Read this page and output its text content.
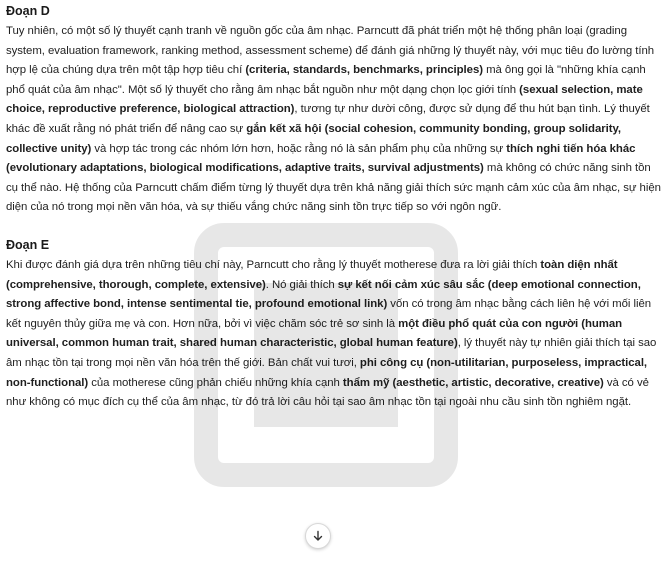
Đoạn D

Tuy nhiên, có một số lý thuyết cạnh tranh về nguồn gốc của âm nhạc. Parncutt đã phát triển một hệ thống phân loại (grading system, evaluation framework, ranking method, assessment scheme) để đánh giá những lý thuyết này, với mục tiêu đo lường tính hợp lệ của chúng dựa trên một tập hợp tiêu chí (criteria, standards, benchmarks, principles) mà ông gọi là "những khía cạnh phổ quát của âm nhạc". Một số lý thuyết cho rằng âm nhạc bắt nguồn như một dạng chọn lọc giới tính (sexual selection, mate choice, reproductive preference, biological attraction), tương tự như dười công, được sử dụng để thu hút bạn tình. Lý thuyết khác đề xuất rằng nó phát triển để nâng cao sự gắn kết xã hội (social cohesion, community bonding, group solidarity, collective unity) và hợp tác trong các nhóm lớn hơn, hoặc rằng nó là sản phẩm phụ của những sự thích nghi tiến hóa khác (evolutionary adaptations, biological modifications, adaptive traits, survival adjustments) mà không có chức năng sinh tồn cụ thể nào. Hệ thống của Parncutt chấm điểm từng lý thuyết dựa trên khả năng giải thích sức mạnh cảm xúc của âm nhạc, sự hiện diện của nó trong mọi nền văn hóa, và sự thiếu vắng chức năng sinh tồn trực tiếp so với ngôn ngữ.

Đoạn E

Khi được đánh giá dựa trên những tiêu chí này, Parncutt cho rằng lý thuyết motherese đưa ra lời giải thích toàn diện nhất (comprehensive, thorough, complete, extensive). Nó giải thích sự kết nối cảm xúc sâu sắc (deep emotional connection, strong affective bond, intense sentimental tie, profound emotional link) vốn có trong âm nhạc bằng cách liên hệ với mối liên kết nguyên thủy giữa mẹ và con. Hơn nữa, bởi vì việc chăm sóc trẻ sơ sinh là một điều phổ quát của con người (human universal, common human trait, shared human characteristic, global human feature), lý thuyết này tự nhiên giải thích tại sao âm nhạc tồn tại trong mọi nền văn hóa trên thế giới. Bản chất vui tươi, phi công cụ (non-utilitarian, purposeless, impractical, non-functional) của motherese cũng phản chiếu những khía cạnh thẩm mỹ (aesthetic, artistic, decorative, creative) và có vẻ như không có mục đích cụ thể của âm nhạc, từ đó trả lời câu hỏi tại sao âm nhạc tồn tại ngoài nhu cầu sinh tồn nghiêm ngặt.
